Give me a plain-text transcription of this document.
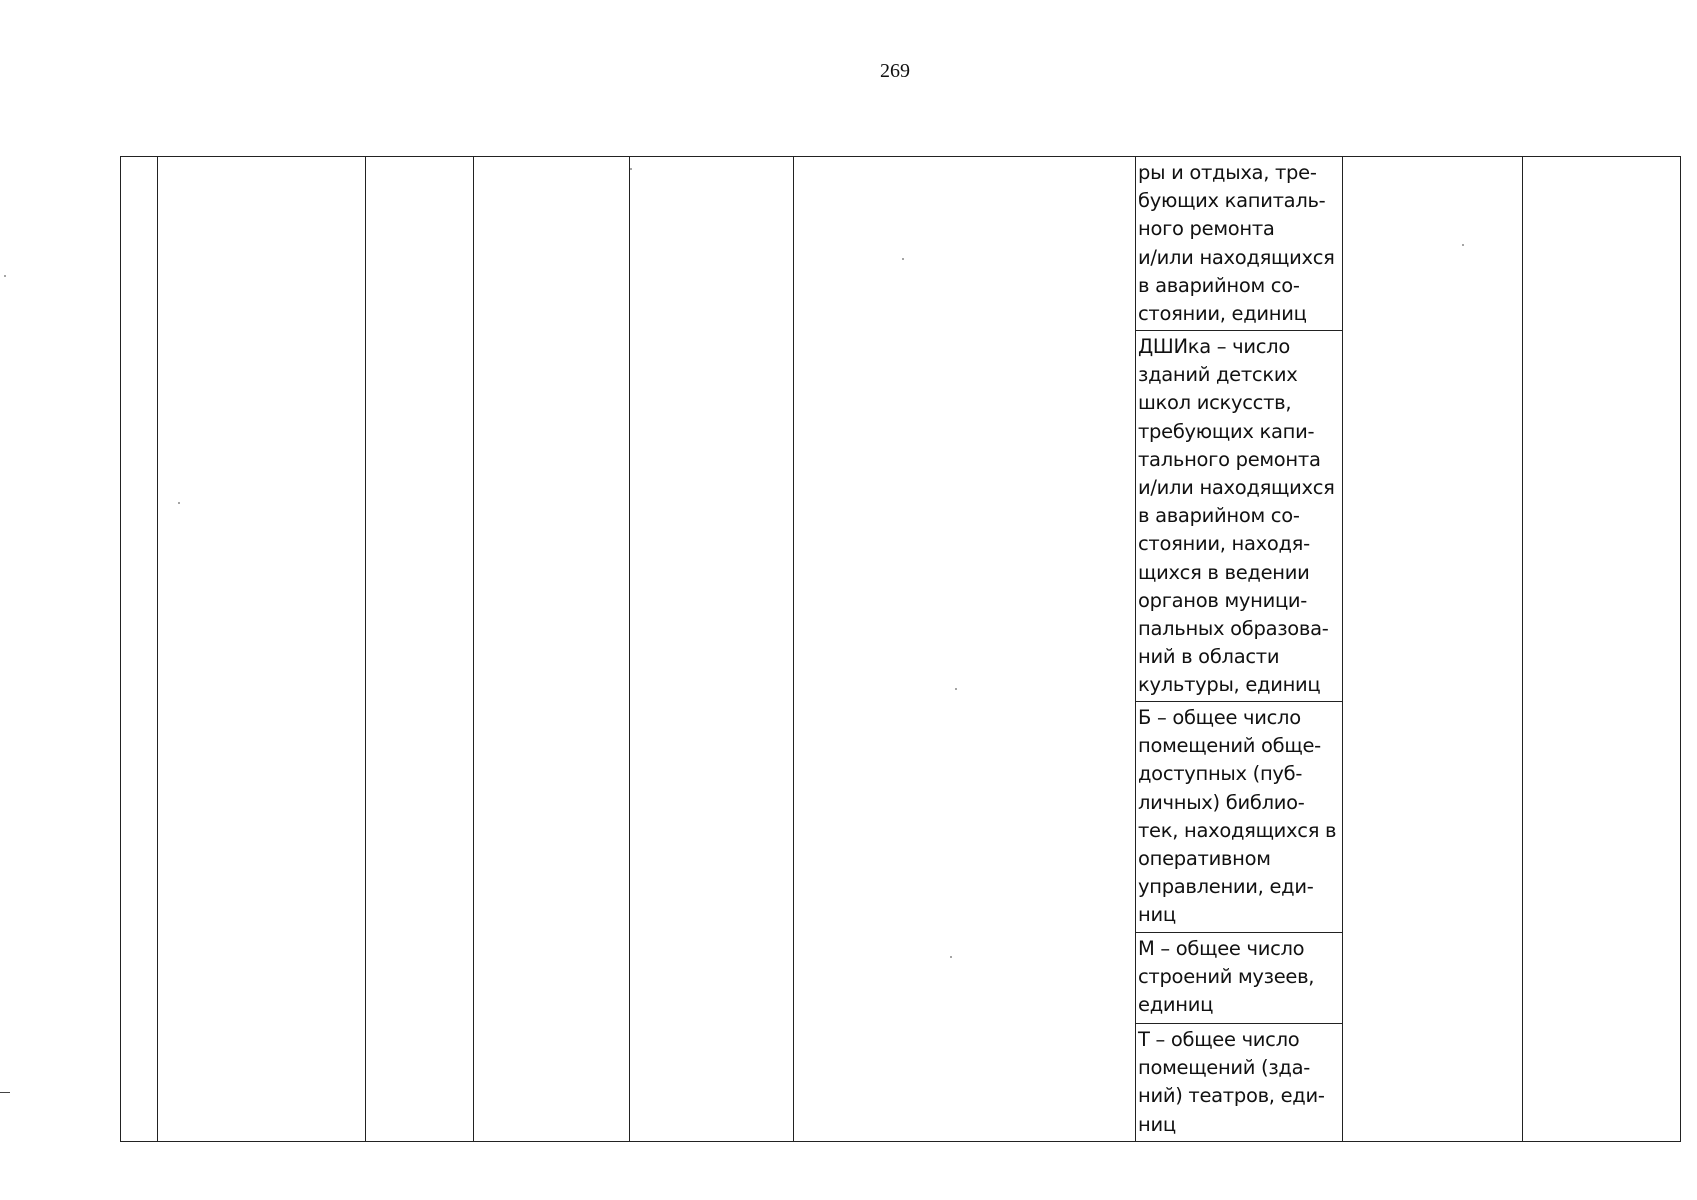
269
ры и отдыха, тре-
бующих капиталь-
ного ремонта
и/или находящихся
в аварийном со-
стоянии, единиц
ДШИка – число
зданий детских
школ искусств,
требующих капи-
тального ремонта
и/или находящихся
в аварийном со-
стоянии, находя-
щихся в ведении
органов муници-
пальных образова-
ний в области
культуры, единиц
Б – общее число
помещений обще-
доступных (пуб-
личных) библио-
тек, находящихся в
оперативном
управлении, еди-
ниц
М – общее число
строений музеев,
единиц
Т – общее число
помещений (зда-
ний) театров, еди-
ниц
